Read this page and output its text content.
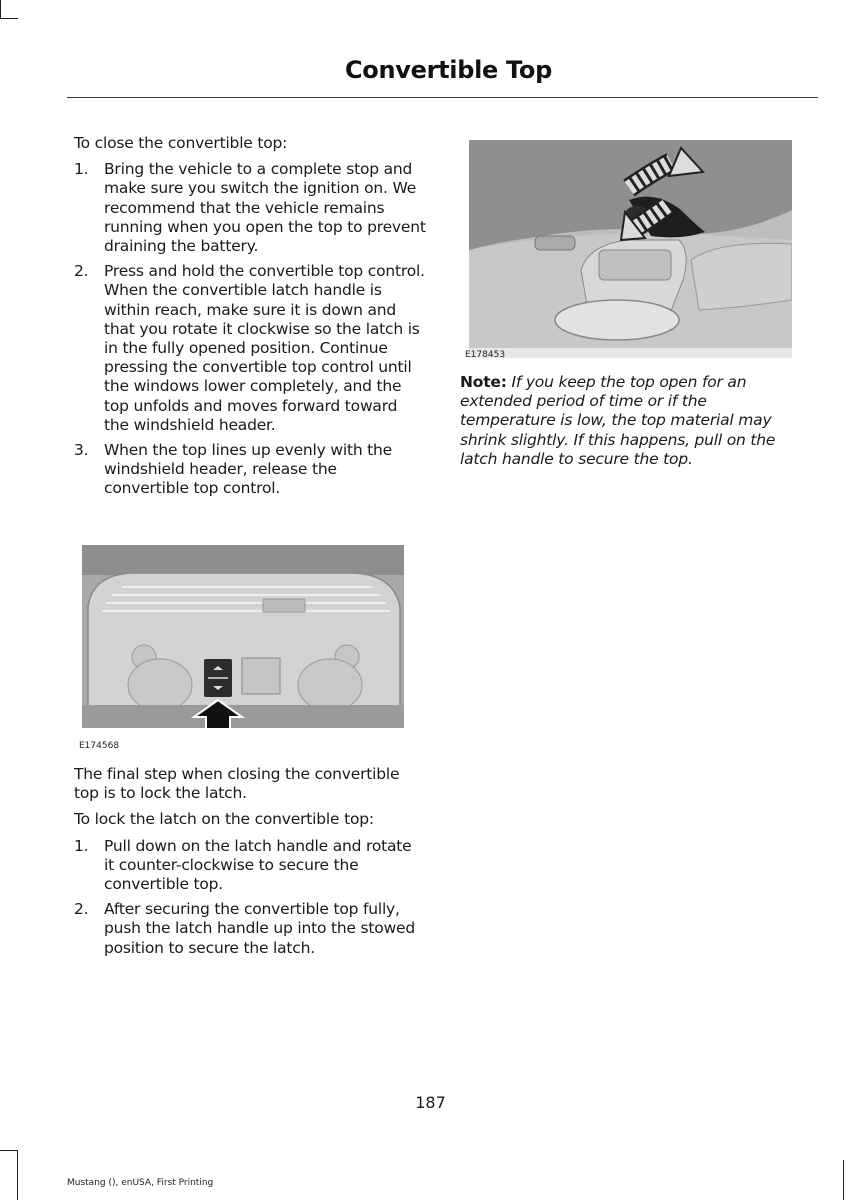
Convertible Top

To close the convertible top:

1.	Bring the vehicle to a complete stop and make sure you switch the ignition on. We recommend that the vehicle remains running when you open the top to prevent draining the battery.
2.	Press and hold the convertible top control. When the convertible latch handle is within reach, make sure it is down and that you rotate it clockwise so the latch is in the fully opened position. Continue pressing the convertible top control until the windows lower completely, and the top unfolds and moves forward toward the windshield header.
3.	When the top lines up evenly with the windshield header, release the convertible top control.
E174568

The final step when closing the convertible top is to lock the latch.

To lock the latch on the convertible top:

1.	Pull down on the latch handle and rotate it counter-clockwise to secure the convertible top.
2.	After securing the convertible top fully, push the latch handle up into the stowed position to secure the latch.
E178453

Note: If you keep the top open for an extended period of time or if the temperature is low, the top material may shrink slightly. If this happens, pull on the latch handle to secure the top.

187
Mustang (), enUSA, First Printing
